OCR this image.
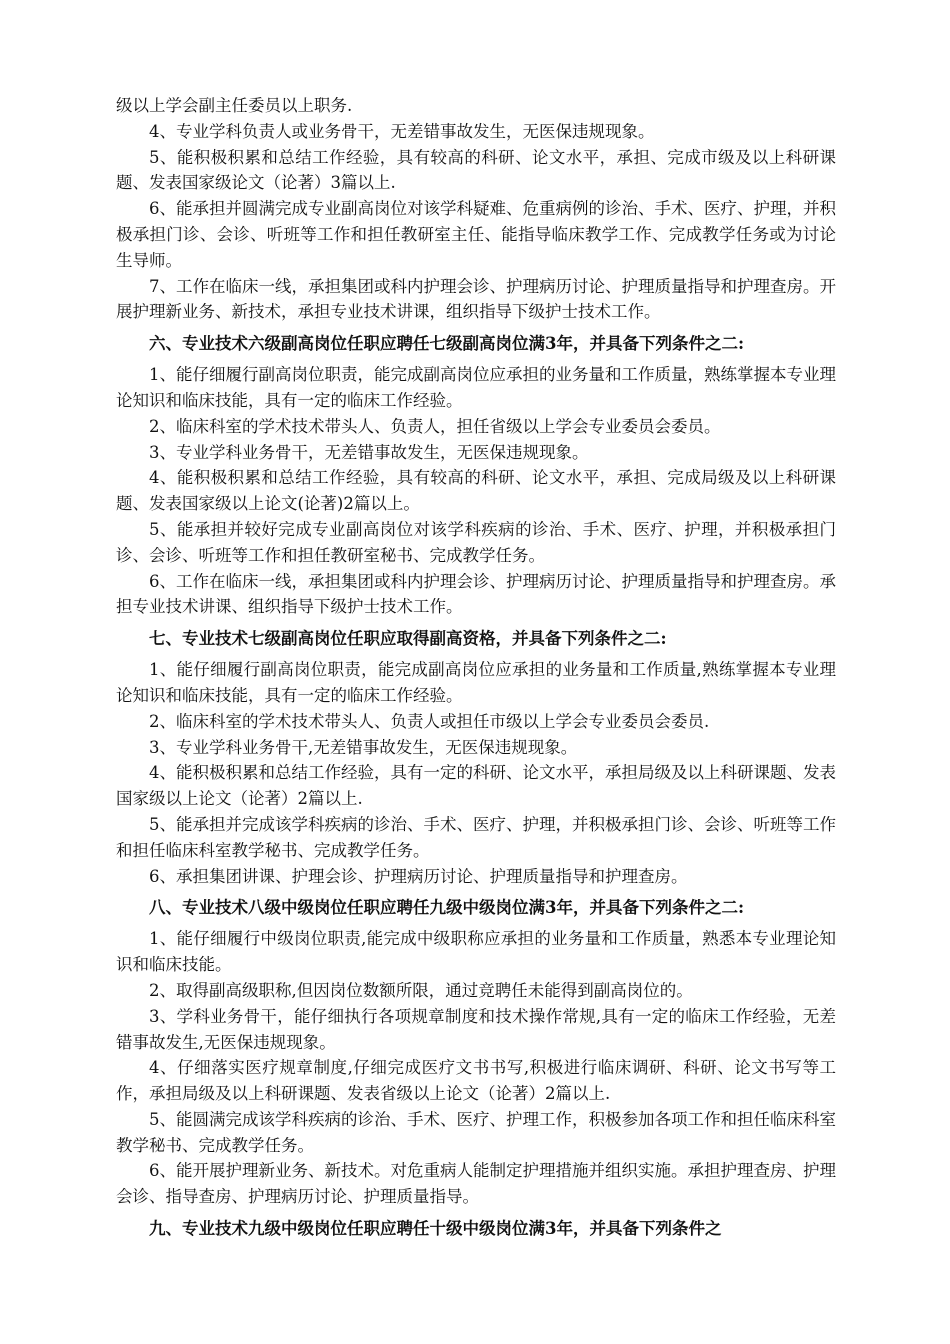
级以上学会副主任委员以上职务.

4、专业学科负责人或业务骨干，无差错事故发生，无医保违规现象。

5、能积极积累和总结工作经验，具有较高的科研、论文水平，承担、完成市级及以上科研课题、发表国家级论文（论著）3篇以上.

6、能承担并圆满完成专业副高岗位对该学科疑难、危重病例的诊治、手术、医疗、护理，并积极承担门诊、会诊、听班等工作和担任教研室主任、能指导临床教学工作、完成教学任务或为讨论生导师。

7、工作在临床一线，承担集团或科内护理会诊、护理病历讨论、护理质量指导和护理查房。开展护理新业务、新技术，承担专业技术讲课，组织指导下级护士技术工作。

六、专业技术六级副高岗位任职应聘任七级副高岗位满3年，并具备下列条件之二:

1、能仔细履行副高岗位职责，能完成副高岗位应承担的业务量和工作质量，熟练掌握本专业理论知识和临床技能，具有一定的临床工作经验。

2、临床科室的学术技术带头人、负责人，担任省级以上学会专业委员会委员。

3、专业学科业务骨干，无差错事故发生，无医保违规现象。

4、能积极积累和总结工作经验，具有较高的科研、论文水平，承担、完成局级及以上科研课题、发表国家级以上论文(论著)2篇以上。

5、能承担并较好完成专业副高岗位对该学科疾病的诊治、手术、医疗、护理，并积极承担门诊、会诊、听班等工作和担任教研室秘书、完成教学任务。

6、工作在临床一线，承担集团或科内护理会诊、护理病历讨论、护理质量指导和护理查房。承担专业技术讲课、组织指导下级护士技术工作。

七、专业技术七级副高岗位任职应取得副高资格，并具备下列条件之二:

1、能仔细履行副高岗位职责，能完成副高岗位应承担的业务量和工作质量,熟练掌握本专业理论知识和临床技能，具有一定的临床工作经验。

2、临床科室的学术技术带头人、负责人或担任市级以上学会专业委员会委员.

3、专业学科业务骨干,无差错事故发生，无医保违规现象。

4、能积极积累和总结工作经验，具有一定的科研、论文水平，承担局级及以上科研课题、发表国家级以上论文（论著）2篇以上.

5、能承担并完成该学科疾病的诊治、手术、医疗、护理，并积极承担门诊、会诊、听班等工作和担任临床科室教学秘书、完成教学任务。

6、承担集团讲课、护理会诊、护理病历讨论、护理质量指导和护理查房。

八、专业技术八级中级岗位任职应聘任九级中级岗位满3年，并具备下列条件之二:

1、能仔细履行中级岗位职责,能完成中级职称应承担的业务量和工作质量，熟悉本专业理论知识和临床技能。

2、取得副高级职称,但因岗位数额所限，通过竞聘任未能得到副高岗位的。

3、学科业务骨干，能仔细执行各项规章制度和技术操作常规,具有一定的临床工作经验，无差错事故发生,无医保违规现象。

4、仔细落实医疗规章制度,仔细完成医疗文书书写,积极进行临床调研、科研、论文书写等工作，承担局级及以上科研课题、发表省级以上论文（论著）2篇以上.

5、能圆满完成该学科疾病的诊治、手术、医疗、护理工作，积极参加各项工作和担任临床科室教学秘书、完成教学任务。

6、能开展护理新业务、新技术。对危重病人能制定护理措施并组织实施。承担护理查房、护理会诊、指导查房、护理病历讨论、护理质量指导。

九、专业技术九级中级岗位任职应聘任十级中级岗位满3年，并具备下列条件之
